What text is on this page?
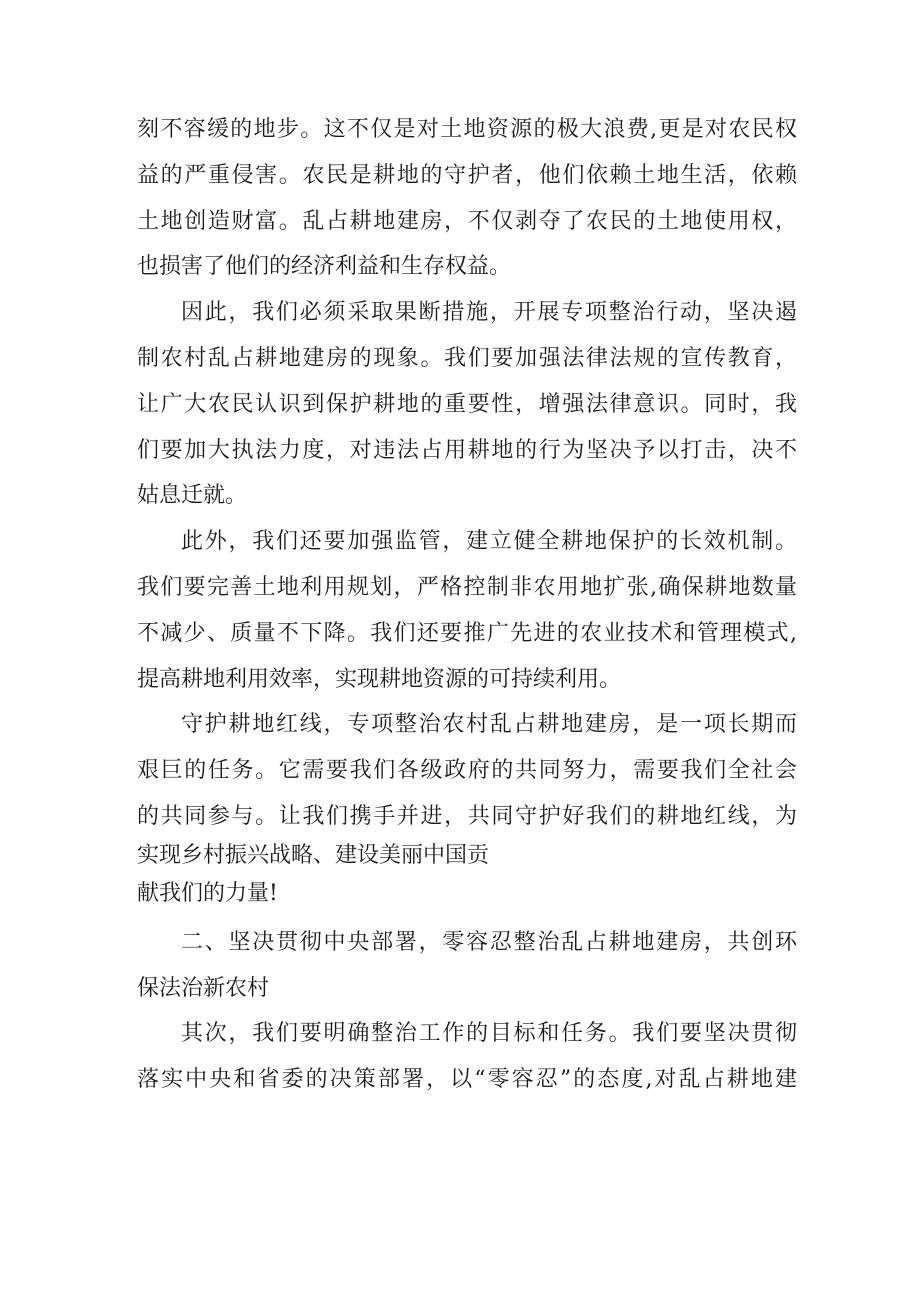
刻不容缓的地步。这不仅是对土地资源的极大浪费,更是对农民权
益的严重侵害。农民是耕地的守护者，他们依赖土地生活，依赖
土地创造财富。乱占耕地建房，不仅剥夺了农民的土地使用权，
也损害了他们的经济利益和生存权益。
因此，我们必须采取果断措施，开展专项整治行动，坚决遏
制农村乱占耕地建房的现象。我们要加强法律法规的宣传教育，
让广大农民认识到保护耕地的重要性，增强法律意识。同时，我
们要加大执法力度，对违法占用耕地的行为坚决予以打击，决不
姑息迁就。
此外，我们还要加强监管，建立健全耕地保护的长效机制。
我们要完善土地利用规划，严格控制非农用地扩张,确保耕地数量
不减少、质量不下降。我们还要推广先进的农业技术和管理模式,
提高耕地利用效率，实现耕地资源的可持续利用。
守护耕地红线，专项整治农村乱占耕地建房，是一项长期而
艰巨的任务。它需要我们各级政府的共同努力，需要我们全社会
的共同参与。让我们携手并进，共同守护好我们的耕地红线，为
实现乡村振兴战略、建设美丽中国贡
献我们的力量!
二、坚决贯彻中央部署，零容忍整治乱占耕地建房，共创环
保法治新农村
其次，我们要明确整治工作的目标和任务。我们要坚决贯彻
落实中央和省委的决策部署，以“零容忍”的态度,对乱占耕地建
